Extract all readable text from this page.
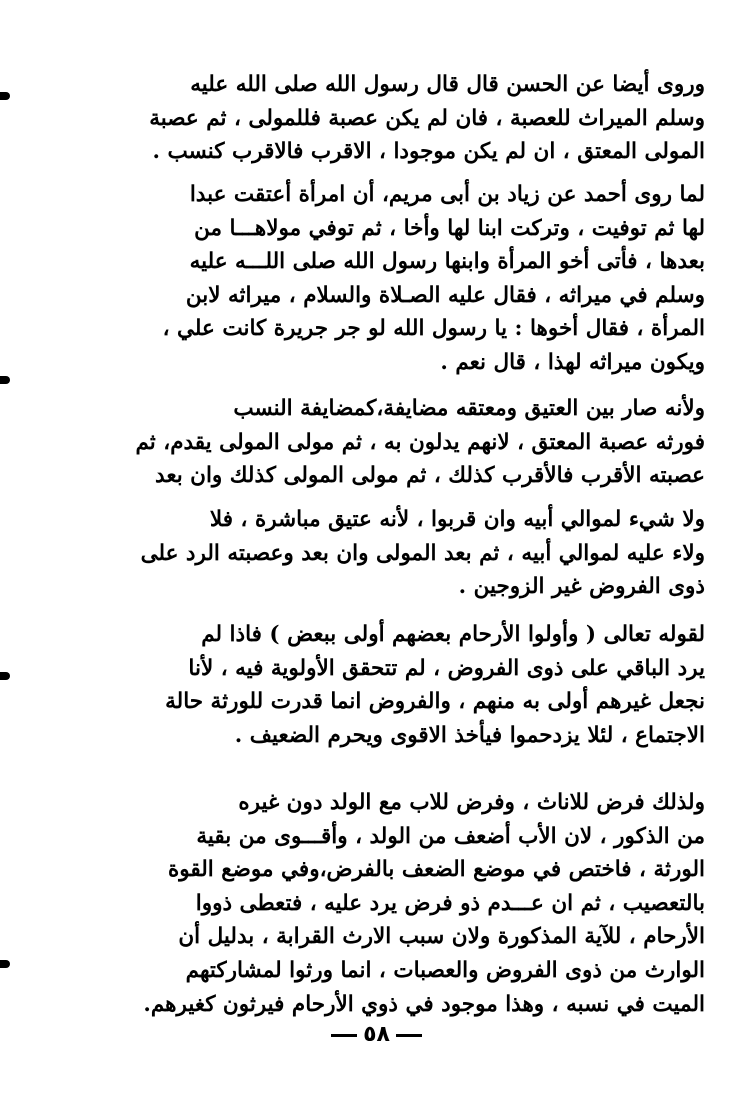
وروى أيضا عن الحسن قال قال رسول الله صلى الله عليه
وسلم الميراث للعصبة ، فان لم يكن عصبة فللمولى ، ثم عصبة
المولى المعتق ، ان لم يكن موجودا ، الاقرب فالاقرب كنسب .
لما روى أحمد عن زياد بن أبى مريم، أن امرأة أعتقت عبدا
لها ثم توفيت ، وتركت ابنا لها وأخا ، ثم توفي مولاهـــا من
بعدها ، فأتى أخو المرأة وابنها رسول الله صلى اللـــه عليه
وسلم في ميراثه ، فقال عليه الصـلاة والسلام ، ميراثه لابن
المرأة ، فقال أخوها : يا رسول الله لو جر جريرة كانت علي ،
ويكون ميراثه لهذا ، قال نعم .
ولأنه صار بين العتيق ومعتقه مضايفة،كمضايفة النسب
فورثه عصبة المعتق ، لانهم يدلون به ، ثم مولى المولى يقدم، ثم
عصبته الأقرب فالأقرب كذلك ، ثم مولى المولى كذلك وان بعد
ولا شيء لموالي أبيه وان قربوا ، لأنه عتيق مباشرة ، فلا
ولاء عليه لموالي أبيه ، ثم بعد المولى وان بعد وعصبته الرد على
ذوى الفروض غير الزوجين .
لقوله تعالى ( وأولوا الأرحام بعضهم أولى ببعض ) فاذا لم
يرد الباقي على ذوى الفروض ، لم تتحقق الأولوية فيه ، لأنا
نجعل غيرهم أولى به منهم ، والفروض انما قدرت للورثة حالة
الاجتماع ، لئلا يزدحموا فيأخذ الاقوى ويحرم الضعيف .
ولذلك فرض للاناث ، وفرض للاب مع الولد دون غيره
من الذكور ، لان الأب أضعف من الولد ، وأقـــوى من بقية
الورثة ، فاختص في موضع الضعف بالفرض،وفي موضع القوة
بالتعصيب ، ثم ان عـــدم ذو فرض يرد عليه ، فتعطى ذووا
الأرحام ، للآية المذكورة ولان سبب الارث القرابة ، بدليل أن
الوارث من ذوى الفروض والعصبات ، انما ورثوا لمشاركتهم
الميت في نسبه ، وهذا موجود في ذوي الأرحام فيرثون كغيرهم.
٥٨
